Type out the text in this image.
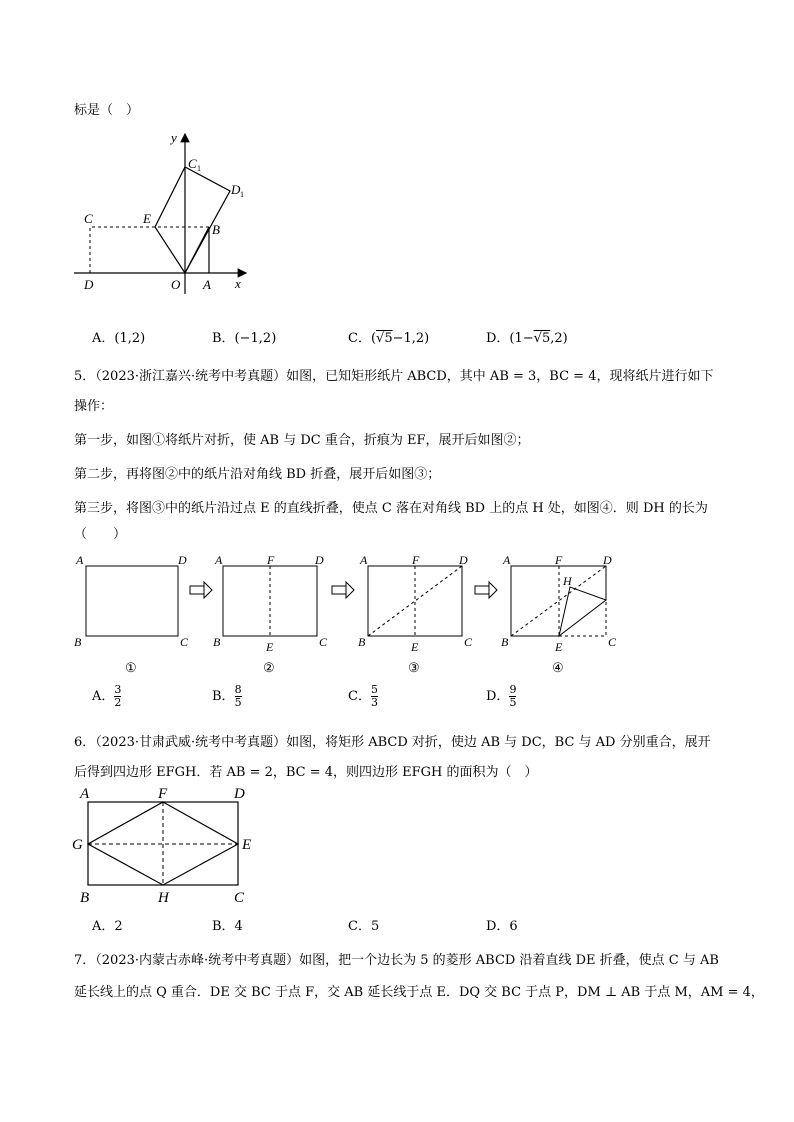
标是（　）
y
x
C 1
D 1
C	E
B
D	O A
A．(1,2)	B．(−1,2)	C．(√5−1,2)	D．(1−√5,2)
5．（2023·浙江嘉兴·统考中考真题）如图，已知矩形纸片 ABCD，其中 AB = 3，BC = 4，现将纸片进行如下
操作：
第一步，如图①将纸片对折，使 AB 与 DC 重合，折痕为 EF，展开后如图②；
第二步，再将图②中的纸片沿对角线 BD 折叠，展开后如图③；
第三步，将图③中的纸片沿过点 E 的直线折叠，使点 C 落在对角线 BD 上的点 H 处，如图④．则 DH 的长为
（　　）
A	D
B	C
①
A	F	D
B	E	C
②
A	F	D
B	E	C
③
A	F	D
H
B	E	C
④
A． $\frac{3}{2}$	B． $\frac{8}{5}$	C． $\frac{5}{3}$	D． $\frac{9}{5}$
6．（2023·甘肃武威·统考中考真题）如图，将矩形 ABCD 对折，使边 AB 与 DC，BC 与 AD 分别重合，展开
后得到四边形 EFGH．若 AB = 2，BC = 4，则四边形 EFGH 的面积为（　）
A	F	D
G	E
B	H	C
A．2	B．4	C．5	D．6
7．（2023·内蒙古赤峰·统考中考真题）如图，把一个边长为 5 的菱形 ABCD 沿着直线 DE 折叠，使点 C 与 AB
延长线上的点 Q 重合．DE 交 BC 于点 F，交 AB 延长线于点 E．DQ 交 BC 于点 P，DM ⊥ AB 于点 M，AM = 4，
